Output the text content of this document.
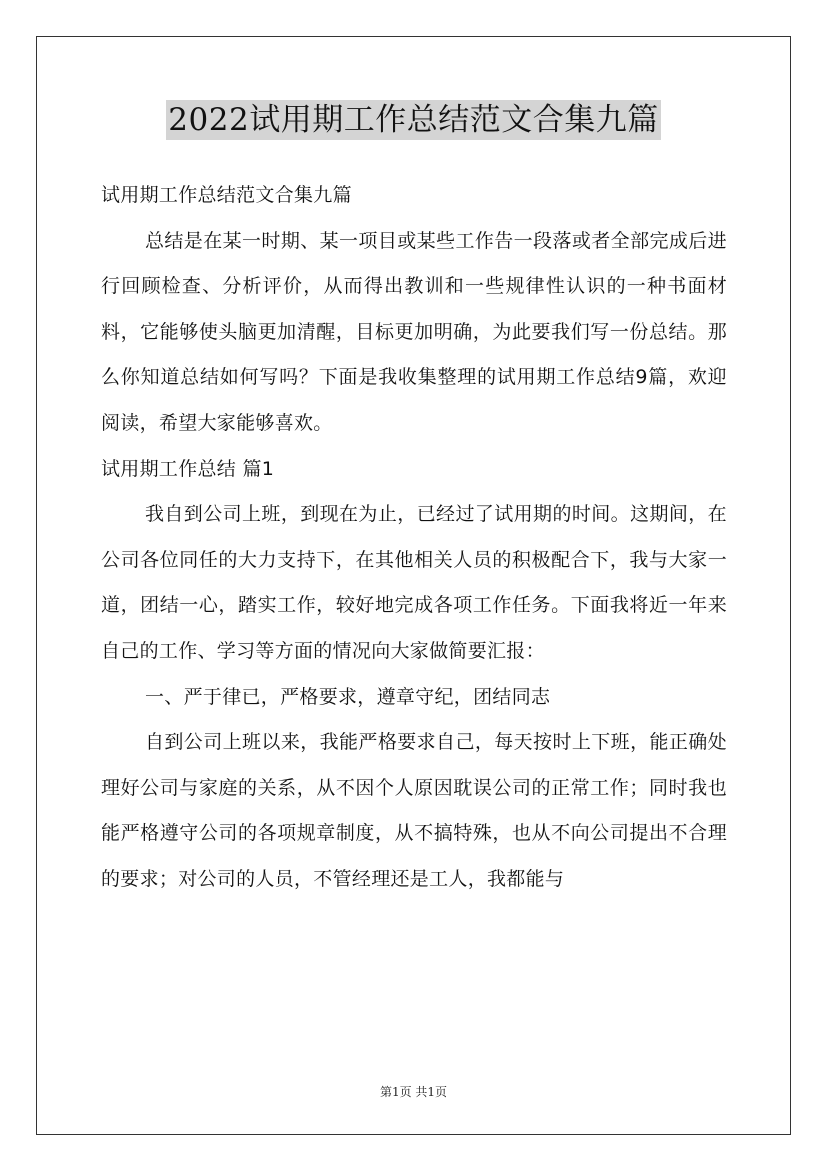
2022试用期工作总结范文合集九篇

试用期工作总结范文合集九篇

总结是在某一时期、某一项目或某些工作告一段落或者全部完成后进行回顾检查、分析评价，从而得出教训和一些规律性认识的一种书面材料，它能够使头脑更加清醒，目标更加明确，为此要我们写一份总结。那么你知道总结如何写吗？下面是我收集整理的试用期工作总结9篇，欢迎阅读，希望大家能够喜欢。

试用期工作总结 篇1

我自到公司上班，到现在为止，已经过了试用期的时间。这期间，在公司各位同任的大力支持下，在其他相关人员的积极配合下，我与大家一道，团结一心，踏实工作，较好地完成各项工作任务。下面我将近一年来自己的工作、学习等方面的情况向大家做简要汇报：

一、严于律已，严格要求，遵章守纪，团结同志

自到公司上班以来，我能严格要求自己，每天按时上下班，能正确处理好公司与家庭的关系，从不因个人原因耽误公司的正常工作；同时我也能严格遵守公司的各项规章制度，从不搞特殊，也从不向公司提出不合理的要求；对公司的人员，不管经理还是工人，我都能与

第1页 共1页
